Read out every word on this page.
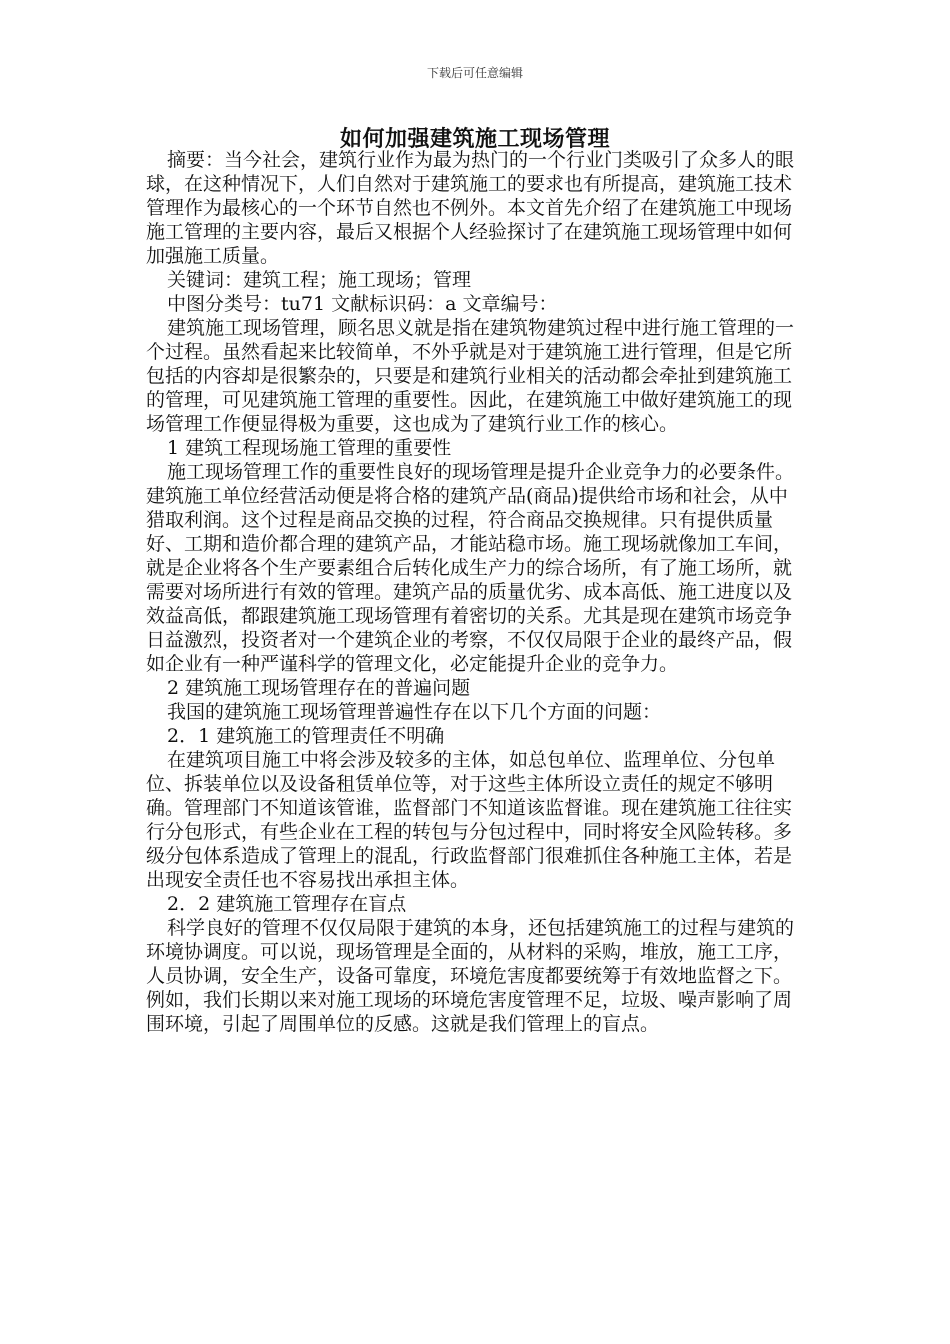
下载后可任意编辑
如何加强建筑施工现场管理

摘要：当今社会，建筑行业作为最为热门的一个行业门类吸引了众多人的眼球，在这种情况下，人们自然对于建筑施工的要求也有所提高，建筑施工技术管理作为最核心的一个环节自然也不例外。本文首先介绍了在建筑施工中现场施工管理的主要内容，最后又根据个人经验探讨了在建筑施工现场管理中如何加强施工质量。

关键词：建筑工程；施工现场；管理

中图分类号：tu71 文献标识码：a 文章编号：

建筑施工现场管理，顾名思义就是指在建筑物建筑过程中进行施工管理的一个过程。虽然看起来比较简单，不外乎就是对于建筑施工进行管理，但是它所包括的内容却是很繁杂的，只要是和建筑行业相关的活动都会牵扯到建筑施工的管理，可见建筑施工管理的重要性。因此，在建筑施工中做好建筑施工的现场管理工作便显得极为重要，这也成为了建筑行业工作的核心。

1 建筑工程现场施工管理的重要性

施工现场管理工作的重要性良好的现场管理是提升企业竞争力的必要条件。建筑施工单位经营活动便是将合格的建筑产品(商品)提供给市场和社会，从中猎取利润。这个过程是商品交换的过程，符合商品交换规律。只有提供质量好、工期和造价都合理的建筑产品，才能站稳市场。施工现场就像加工车间，就是企业将各个生产要素组合后转化成生产力的综合场所，有了施工场所，就需要对场所进行有效的管理。建筑产品的质量优劣、成本高低、施工进度以及效益高低，都跟建筑施工现场管理有着密切的关系。尤其是现在建筑市场竞争日益激烈，投资者对一个建筑企业的考察，不仅仅局限于企业的最终产品，假如企业有一种严谨科学的管理文化，必定能提升企业的竞争力。

2 建筑施工现场管理存在的普遍问题

我国的建筑施工现场管理普遍性存在以下几个方面的问题：

2．1 建筑施工的管理责任不明确

在建筑项目施工中将会涉及较多的主体，如总包单位、监理单位、分包单位、拆装单位以及设备租赁单位等，对于这些主体所设立责任的规定不够明确。管理部门不知道该管谁，监督部门不知道该监督谁。现在建筑施工往往实行分包形式，有些企业在工程的转包与分包过程中，同时将安全风险转移。多级分包体系造成了管理上的混乱，行政监督部门很难抓住各种施工主体，若是出现安全责任也不容易找出承担主体。

2．2 建筑施工管理存在盲点

科学良好的管理不仅仅局限于建筑的本身，还包括建筑施工的过程与建筑的环境协调度。可以说，现场管理是全面的，从材料的采购，堆放，施工工序，人员协调，安全生产，设备可靠度，环境危害度都要统筹于有效地监督之下。例如，我们长期以来对施工现场的环境危害度管理不足，垃圾、噪声影响了周围环境，引起了周围单位的反感。这就是我们管理上的盲点。
